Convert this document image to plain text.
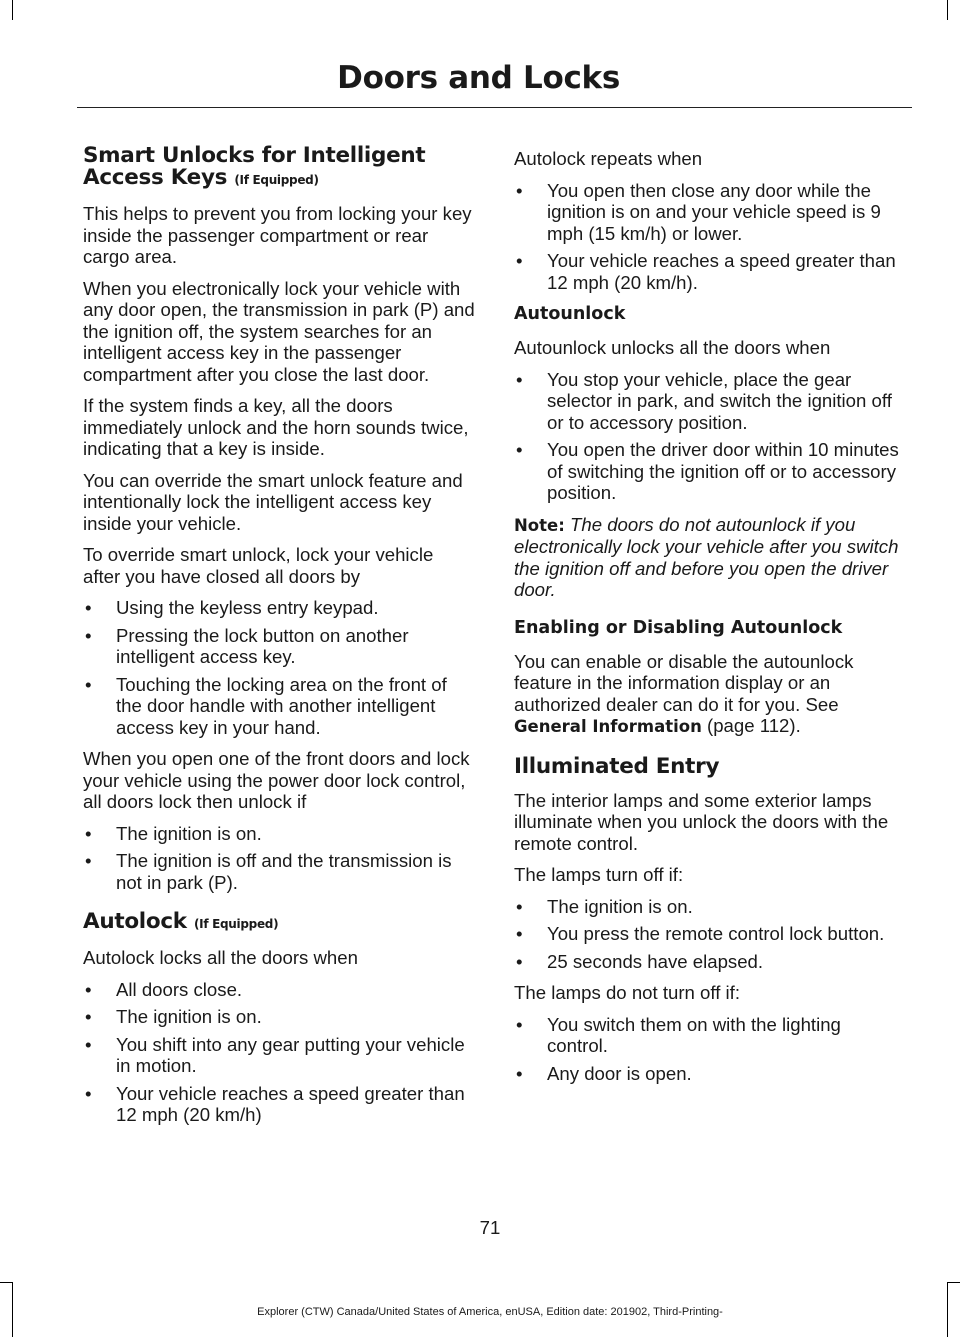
Doors and Locks
Smart Unlocks for Intelligent Access Keys (If Equipped)

This helps to prevent you from locking your key inside the passenger compartment or rear cargo area.

When you electronically lock your vehicle with any door open, the transmission in park (P) and the ignition off, the system searches for an intelligent access key in the passenger compartment after you close the last door.

If the system finds a key, all the doors immediately unlock and the horn sounds twice, indicating that a key is inside.

You can override the smart unlock feature and intentionally lock the intelligent access key inside your vehicle.

To override smart unlock, lock your vehicle after you have closed all doors by

• Using the keyless entry keypad.
• Pressing the lock button on another intelligent access key.
• Touching the locking area on the front of the door handle with another intelligent access key in your hand.

When you open one of the front doors and lock your vehicle using the power door lock control, all doors lock then unlock if

• The ignition is on.
• The ignition is off and the transmission is not in park (P).
Autolock (If Equipped)

Autolock locks all the doors when

• All doors close.
• The ignition is on.
• You shift into any gear putting your vehicle in motion.
• Your vehicle reaches a speed greater than 12 mph (20 km/h)

Autolock repeats when

• You open then close any door while the ignition is on and your vehicle speed is 9 mph (15 km/h) or lower.
• Your vehicle reaches a speed greater than 12 mph (20 km/h).
Autounlock

Autounlock unlocks all the doors when

• You stop your vehicle, place the gear selector in park, and switch the ignition off or to accessory position.
• You open the driver door within 10 minutes of switching the ignition off or to accessory position.

Note: The doors do not autounlock if you electronically lock your vehicle after you switch the ignition off and before you open the driver door.

Enabling or Disabling Autounlock

You can enable or disable the autounlock feature in the information display or an authorized dealer can do it for you. See General Information (page 112).

Illuminated Entry

The interior lamps and some exterior lamps illuminate when you unlock the doors with the remote control.

The lamps turn off if:

• The ignition is on.
• You press the remote control lock button.
• 25 seconds have elapsed.

The lamps do not turn off if:

• You switch them on with the lighting control.
• Any door is open.
71
Explorer (CTW) Canada/United States of America, enUSA, Edition date: 201902, Third-Printing-
